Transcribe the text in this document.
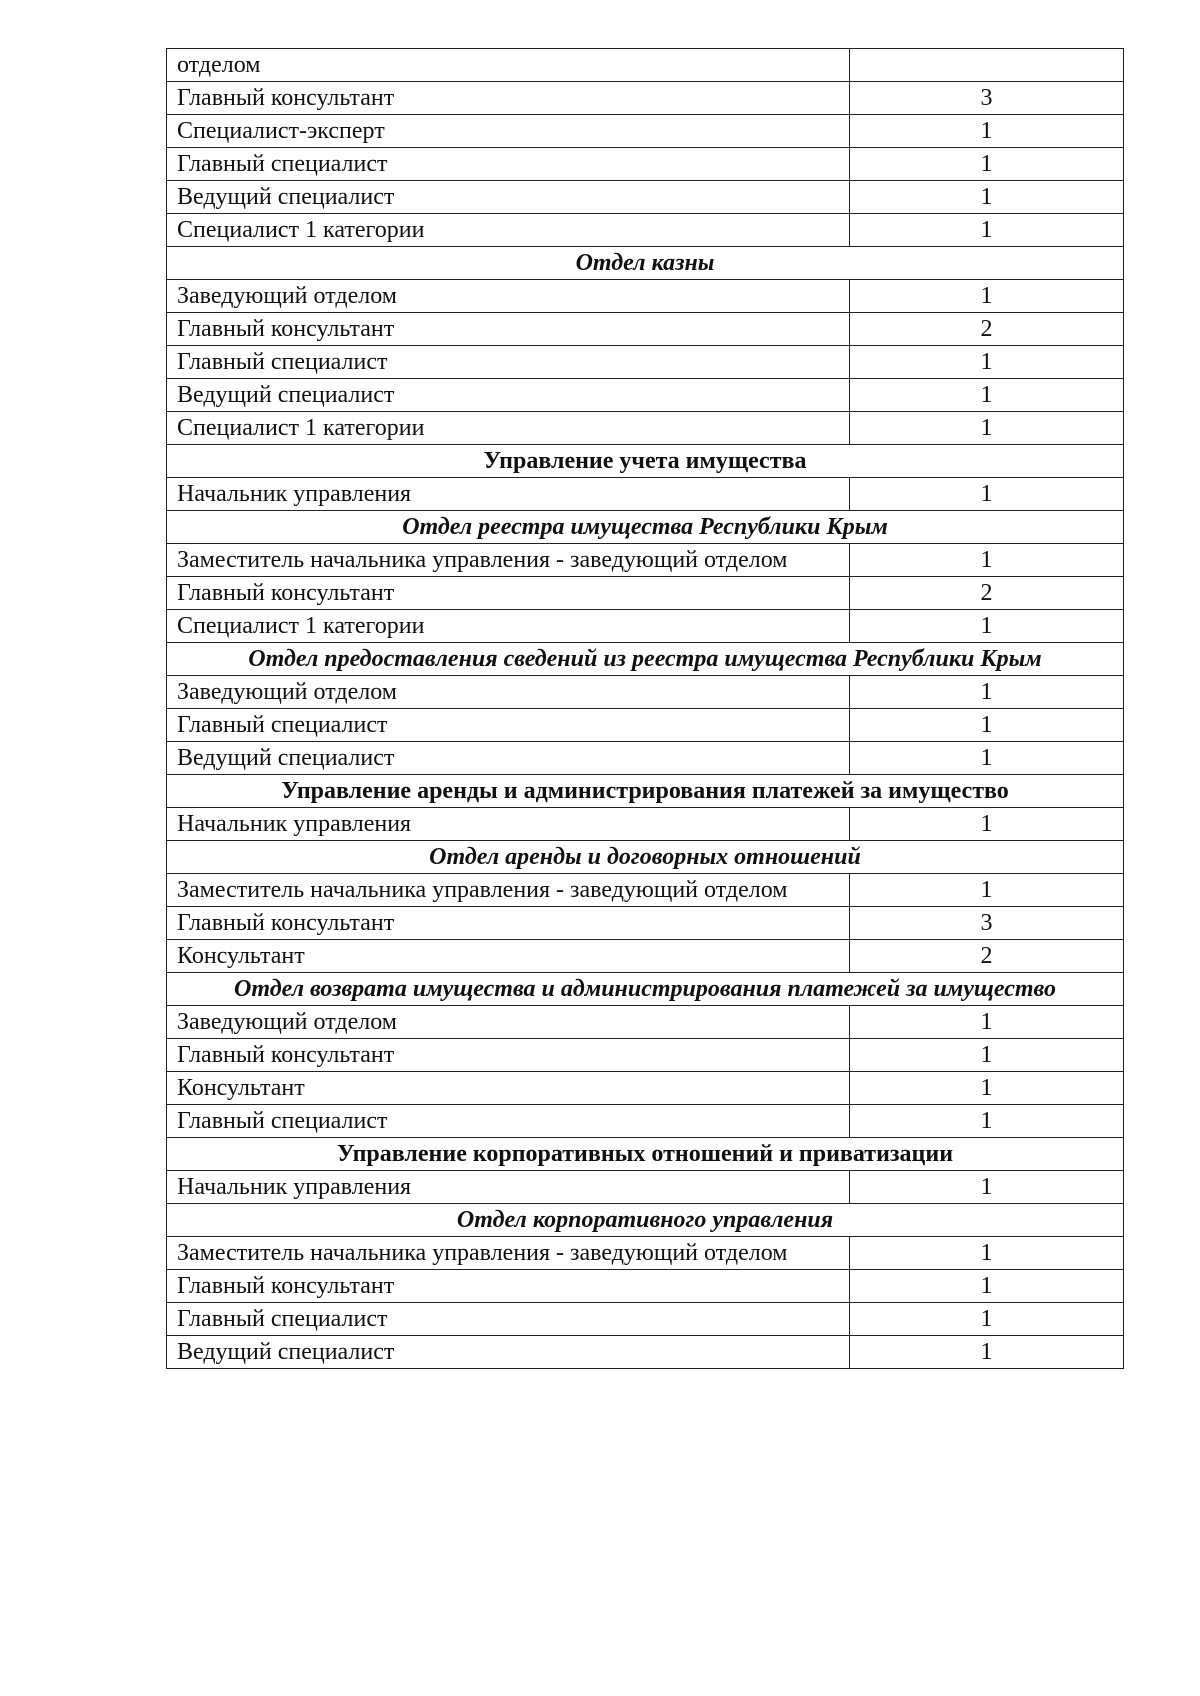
отделом	
Главный консультант	3
Специалист-эксперт	1
Главный специалист	1
Ведущий специалист	1
Специалист 1 категории	1
Отдел казны	
Заведующий отделом	1
Главный консультант	2
Главный специалист	1
Ведущий специалист	1
Специалист 1 категории	1
Управление учета имущества	
Начальник управления	1
Отдел реестра имущества Республики Крым	
Заместитель начальника управления - заведующий отделом	1
Главный консультант	2
Специалист 1 категории	1
Отдел предоставления сведений из реестра имущества Республики Крым	
Заведующий отделом	1
Главный специалист	1
Ведущий специалист	1
Управление аренды и администрирования платежей за имущество	
Начальник управления	1
Отдел аренды и договорных отношений	
Заместитель начальника управления - заведующий отделом	1
Главный консультант	3
Консультант	2
Отдел возврата имущества и администрирования платежей за имущество	
Заведующий отделом	1
Главный консультант	1
Консультант	1
Главный специалист	1
Управление корпоративных отношений и приватизации	
Начальник управления	1
Отдел корпоративного управления	
Заместитель начальника управления - заведующий отделом	1
Главный консультант	1
Главный специалист	1
Ведущий специалист	1
